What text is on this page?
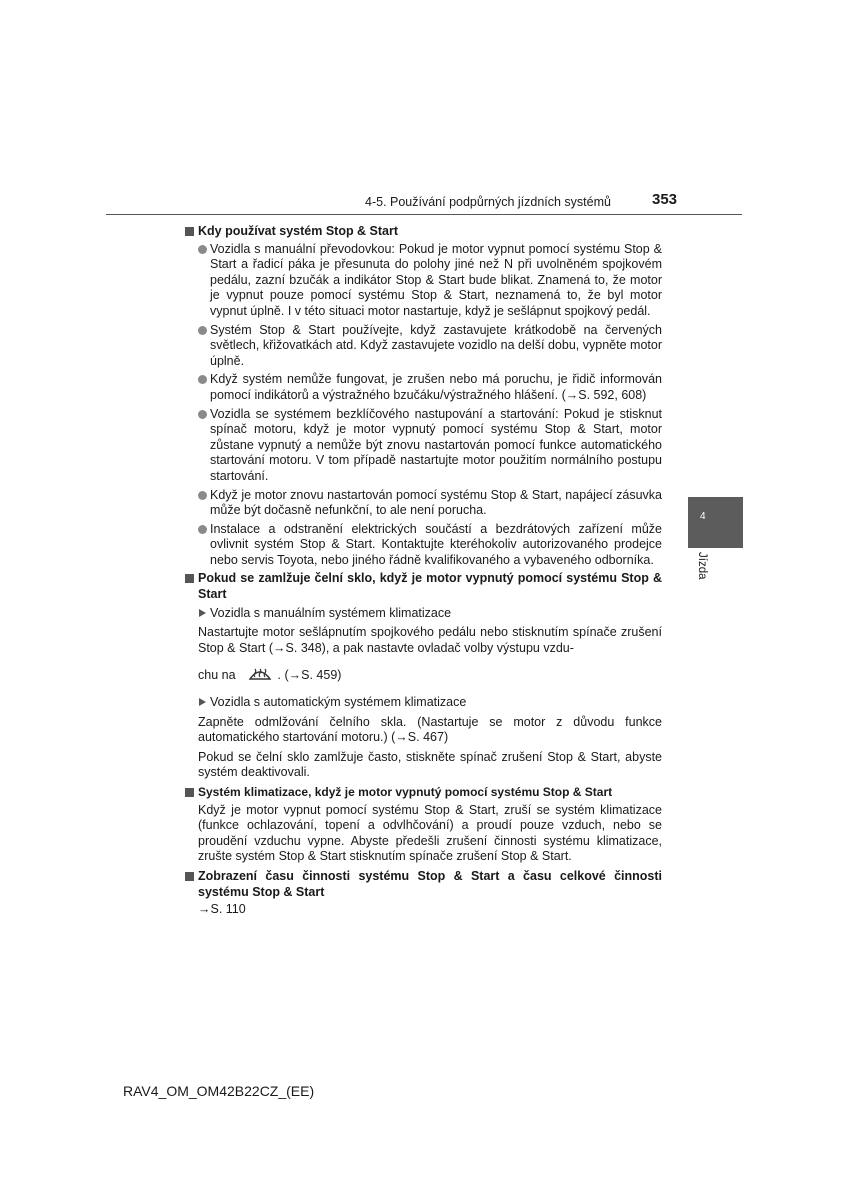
4-5. Používání podpůrných jízdních systémů	353
4
Jízda
Kdy používat systém Stop & Start
Vozidla s manuální převodovkou: Pokud je motor vypnut pomocí systému Stop & Start a řadicí páka je přesunuta do polohy jiné než N při uvolněném spojkovém pedálu, zazní bzučák a indikátor Stop & Start bude blikat. Znamená to, že motor je vypnut pouze pomocí systému Stop & Start, neznamená to, že byl motor vypnut úplně. I v této situaci motor nastartuje, když je sešlápnut spojkový pedál.
Systém Stop & Start používejte, když zastavujete krátkodobě na červených světlech, křižovatkách atd. Když zastavujete vozidlo na delší dobu, vypněte motor úplně.
Když systém nemůže fungovat, je zrušen nebo má poruchu, je řidič informován pomocí indikátorů a výstražného bzučáku/výstražného hlášení. (→S. 592, 608)
Vozidla se systémem bezklíčového nastupování a startování: Pokud je stisknut spínač motoru, když je motor vypnutý pomocí systému Stop & Start, motor zůstane vypnutý a nemůže být znovu nastartován pomocí funkce automatického startování motoru. V tom případě nastartujte motor použitím normálního postupu startování.
Když je motor znovu nastartován pomocí systému Stop & Start, napájecí zásuvka může být dočasně nefunkční, to ale není porucha.
Instalace a odstranění elektrických součástí a bezdrátových zařízení může ovlivnit systém Stop & Start. Kontaktujte kteréhokoliv autorizovaného prodejce nebo servis Toyota, nebo jiného řádně kvalifikovaného a vybaveného odborníka.
Pokud se zamlžuje čelní sklo, když je motor vypnutý pomocí systému Stop & Start
Vozidla s manuálním systémem klimatizace
Nastartujte motor sešlápnutím spojkového pedálu nebo stisknutím spínače zrušení Stop & Start (→S. 348), a pak nastavte ovladač volby výstupu vzdu-
chu na	. (→S. 459)
Vozidla s automatickým systémem klimatizace
Zapněte odmlžování čelního skla. (Nastartuje se motor z důvodu funkce automatického startování motoru.) (→S. 467)
Pokud se čelní sklo zamlžuje často, stiskněte spínač zrušení Stop & Start, abyste systém deaktivovali.
Systém klimatizace, když je motor vypnutý pomocí systému Stop & Start
Když je motor vypnut pomocí systému Stop & Start, zruší se systém klimatizace (funkce ochlazování, topení a odvlhčování) a proudí pouze vzduch, nebo se proudění vzduchu vypne. Abyste předešli zrušení činnosti systému klimatizace, zrušte systém Stop & Start stisknutím spínače zrušení Stop & Start.
Zobrazení času činnosti systému Stop & Start a času celkové činnosti systému Stop & Start
→S. 110
RAV4_OM_OM42B22CZ_(EE)
